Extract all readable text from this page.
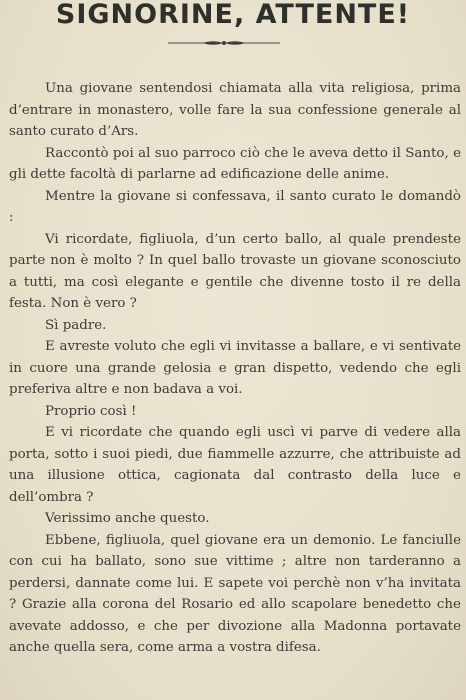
SIGNORINE, ATTENTE!

Una giovane sentendosi chiamata alla vita religiosa, prima d’entrare in monastero, volle fare la sua confessione generale al santo curato d’Ars.

Raccontò poi al suo parroco ciò che le aveva detto il Santo, e gli dette facoltà di parlarne ad edificazione delle anime.

Mentre la giovane si confessava, il santo curato le domandò :

Vi ricordate, figliuola, d’un certo ballo, al quale prendeste parte non è molto ? In quel ballo trovaste un giovane sconosciuto a tutti, ma così elegante e gentile che divenne tosto il re della festa. Non è vero ?

Sì padre.

E avreste voluto che egli vi invitasse a ballare, e vi sentivate in cuore una grande gelosia e gran dispetto, vedendo che egli preferiva altre e non badava a voi.

Proprio così !

E vi ricordate che quando egli uscì vi parve di vedere alla porta, sotto i suoi piedi, due fiammelle azzurre, che attribuiste ad una illusione ottica, cagionata dal contrasto della luce e dell’ombra ?

Verissimo anche questo.

Ebbene, figliuola, quel giovane era un demonio. Le fanciulle con cui ha ballato, sono sue vittime ; altre non tarderanno a perdersi, dannate come lui. E sapete voi perchè non v’ha invitata ? Grazie alla corona del Rosario ed allo scapolare benedetto che avevate addosso, e che per divozione alla Madonna portavate anche quella sera, come arma a vostra difesa.
